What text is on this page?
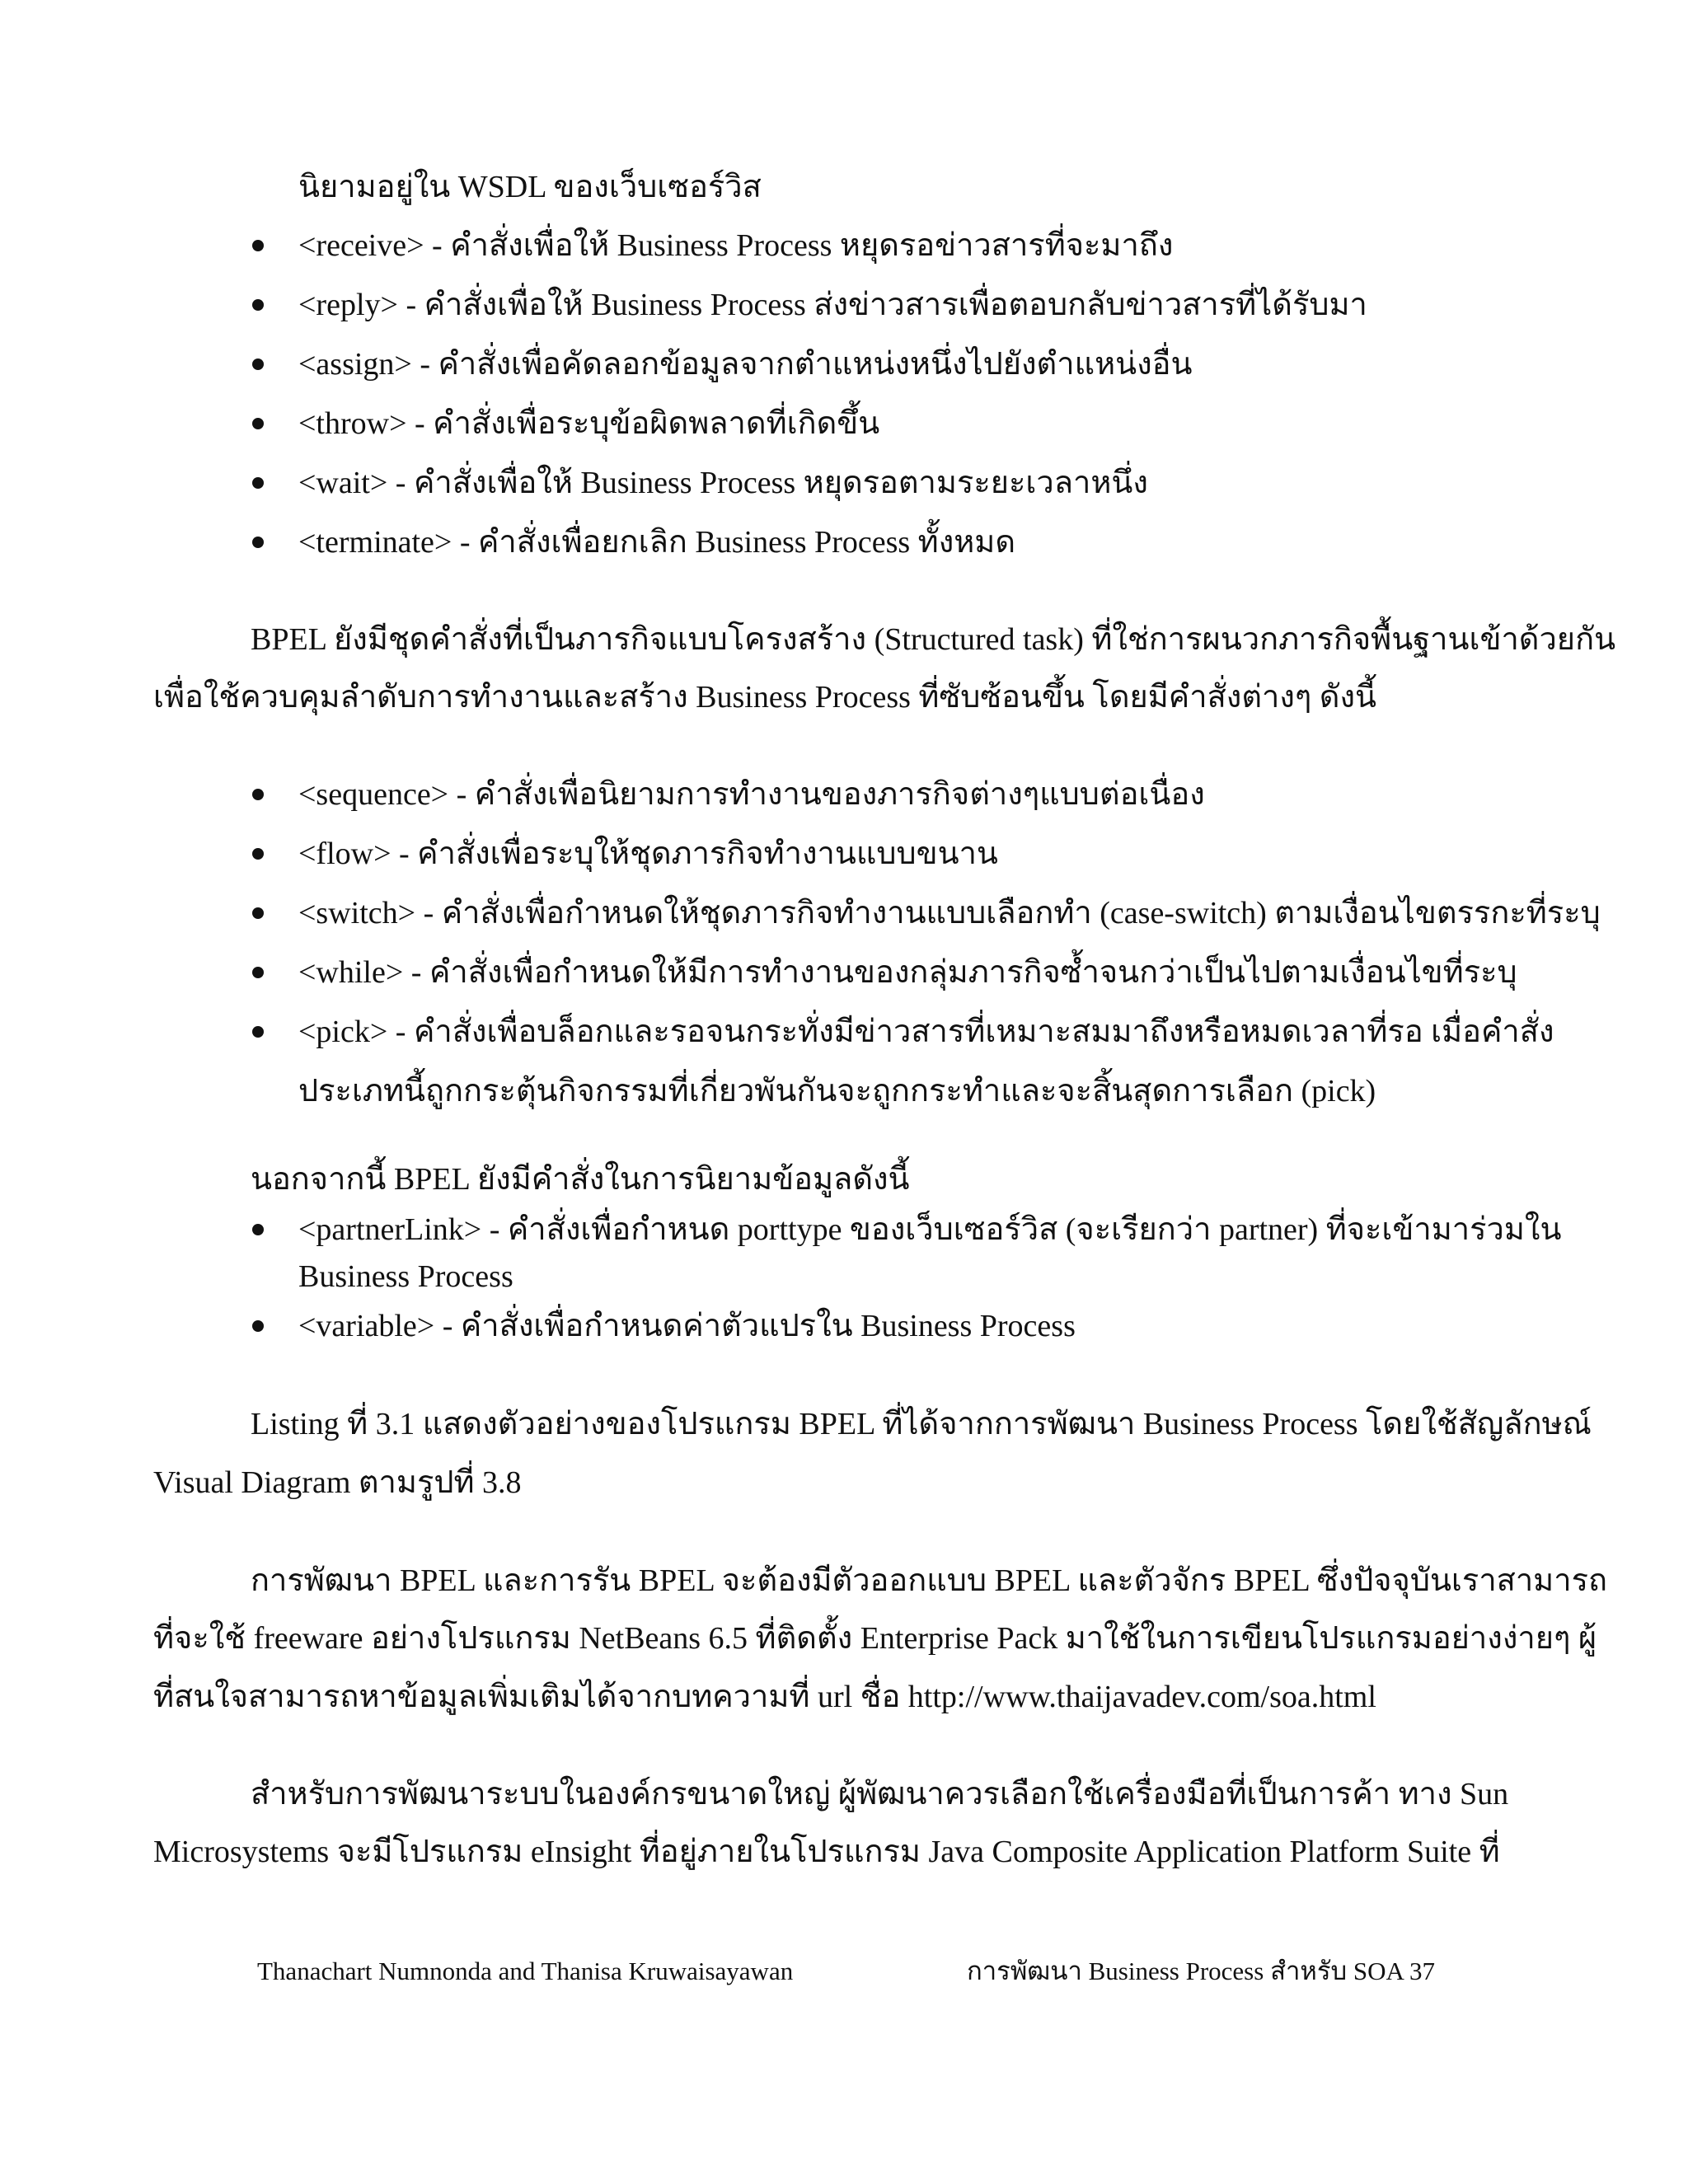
นิยามอยู่ใน WSDL ของเว็บเซอร์วิส
<receive> - คำสั่งเพื่อให้ Business Process หยุดรอข่าวสารที่จะมาถึง
<reply> - คำสั่งเพื่อให้ Business Process ส่งข่าวสารเพื่อตอบกลับข่าวสารที่ได้รับมา
<assign> - คำสั่งเพื่อคัดลอกข้อมูลจากตำแหน่งหนึ่งไปยังตำแหน่งอื่น
<throw> - คำสั่งเพื่อระบุข้อผิดพลาดที่เกิดขึ้น
<wait> - คำสั่งเพื่อให้ Business Process หยุดรอตามระยะเวลาหนึ่ง
<terminate> - คำสั่งเพื่อยกเลิก Business Process ทั้งหมด
BPEL ยังมีชุดคำสั่งที่เป็นภารกิจแบบโครงสร้าง (Structured task) ที่ใช่การผนวกภารกิจพื้นฐานเข้าด้วยกัน
เพื่อใช้ควบคุมลำดับการทำงานและสร้าง Business Process ที่ซับซ้อนขึ้น โดยมีคำสั่งต่างๆ ดังนี้
<sequence> - คำสั่งเพื่อนิยามการทำงานของภารกิจต่างๆแบบต่อเนื่อง
<flow> - คำสั่งเพื่อระบุให้ชุดภารกิจทำงานแบบขนาน
<switch> - คำสั่งเพื่อกำหนดให้ชุดภารกิจทำงานแบบเลือกทำ (case-switch) ตามเงื่อนไขตรรกะที่ระบุ
<while> - คำสั่งเพื่อกำหนดให้มีการทำงานของกลุ่มภารกิจซ้ำจนกว่าเป็นไปตามเงื่อนไขที่ระบุ
<pick> - คำสั่งเพื่อบล็อกและรอจนกระทั่งมีข่าวสารที่เหมาะสมมาถึงหรือหมดเวลาที่รอ เมื่อคำสั่ง
ประเภทนี้ถูกกระตุ้นกิจกรรมที่เกี่ยวพันกันจะถูกกระทำและจะสิ้นสุดการเลือก (pick)
นอกจากนี้ BPEL ยังมีคำสั่งในการนิยามข้อมูลดังนี้
<partnerLink> - คำสั่งเพื่อกำหนด porttype ของเว็บเซอร์วิส (จะเรียกว่า partner) ที่จะเข้ามาร่วมใน
Business Process
<variable> - คำสั่งเพื่อกำหนดค่าตัวแปรใน Business Process
Listing ที่ 3.1 แสดงตัวอย่างของโปรแกรม BPEL ที่ได้จากการพัฒนา Business Process โดยใช้สัญลักษณ์
Visual Diagram ตามรูปที่ 3.8
การพัฒนา BPEL และการรัน BPEL จะต้องมีตัวออกแบบ BPEL และตัวจักร BPEL ซึ่งปัจจุบันเราสามารถ
ที่จะใช้ freeware อย่างโปรแกรม NetBeans 6.5 ที่ติดตั้ง Enterprise Pack มาใช้ในการเขียนโปรแกรมอย่างง่ายๆ ผู้
ที่สนใจสามารถหาข้อมูลเพิ่มเติมได้จากบทความที่ url ชื่อ http://www.thaijavadev.com/soa.html
สำหรับการพัฒนาระบบในองค์กรขนาดใหญ่ ผู้พัฒนาควรเลือกใช้เครื่องมือที่เป็นการค้า ทาง Sun
Microsystems จะมีโปรแกรม eInsight ที่อยู่ภายในโปรแกรม Java Composite Application Platform Suite ที่
Thanachart Numnonda and Thanisa Kruwaisayawan	การพัฒนา Business Process สำหรับ SOA 37
